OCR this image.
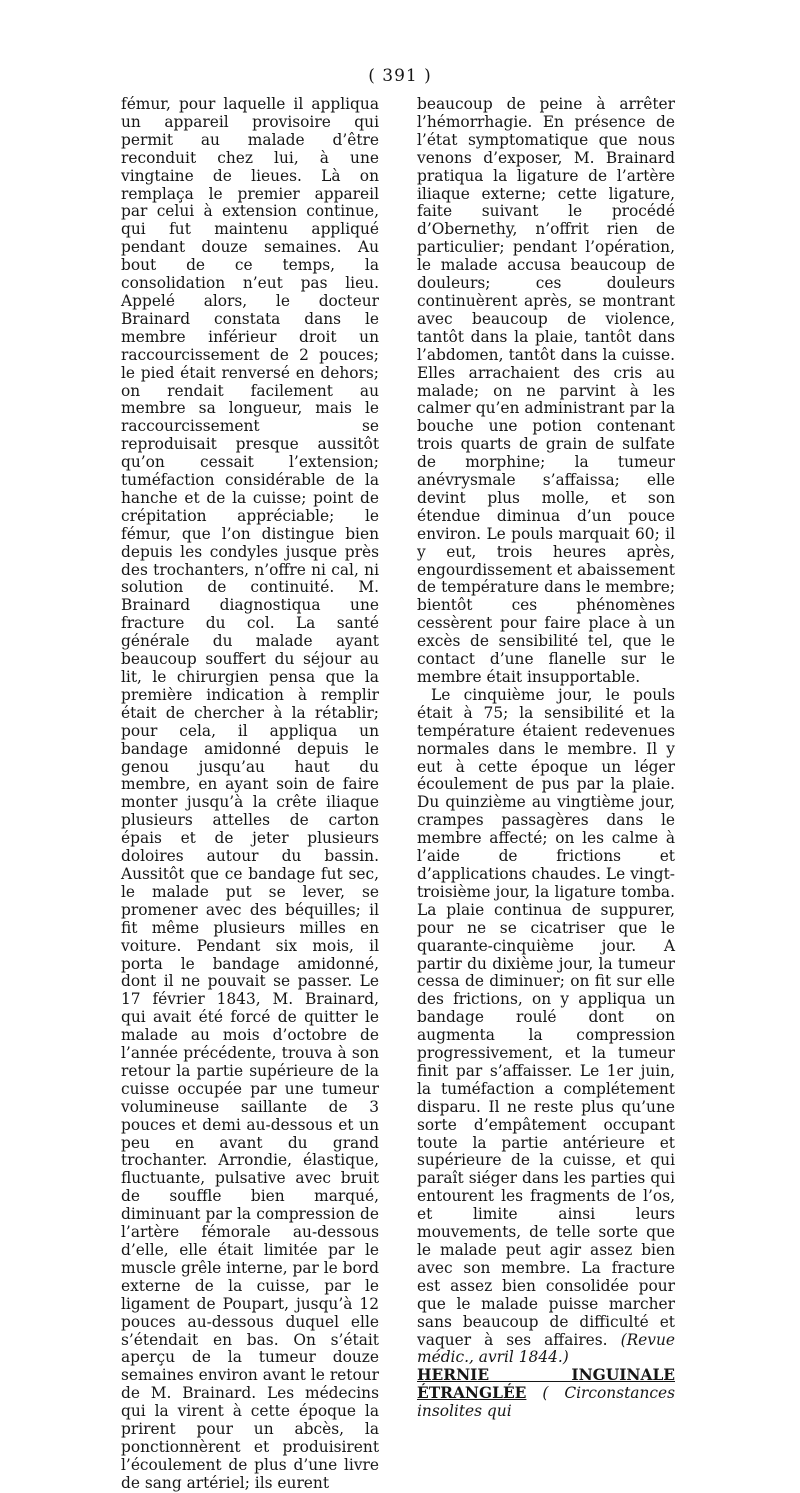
( 391 )

fémur, pour laquelle il appliqua un appareil provisoire qui permit au malade d’être reconduit chez lui, à une vingtaine de lieues. Là on remplaça le premier appareil par celui à extension continue, qui fut maintenu appliqué pendant douze semaines. Au bout de ce temps, la consolidation n’eut pas lieu. Appelé alors, le docteur Brainard constata dans le membre inférieur droit un raccourcissement de 2 pouces; le pied était renversé en dehors; on rendait facilement au membre sa longueur, mais le raccourcissement se reproduisait presque aussitôt qu’on cessait l’extension; tuméfaction considérable de la hanche et de la cuisse; point de crépitation appréciable; le fémur, que l’on distingue bien depuis les condyles jusque près des trochanters, n’offre ni cal, ni solution de continuité. M. Brainard diagnostiqua une fracture du col. La santé générale du malade ayant beaucoup souffert du séjour au lit, le chirurgien pensa que la première indication à remplir était de chercher à la rétablir; pour cela, il appliqua un bandage amidonné depuis le genou jusqu’au haut du membre, en ayant soin de faire monter jusqu’à la crête iliaque plusieurs attelles de carton épais et de jeter plusieurs doloires autour du bassin. Aussitôt que ce bandage fut sec, le malade put se lever, se promener avec des béquilles; il fit même plusieurs milles en voiture. Pendant six mois, il porta le bandage amidonné, dont il ne pouvait se passer. Le 17 février 1843, M. Brainard, qui avait été forcé de quitter le malade au mois d’octobre de l’année précédente, trouva à son retour la partie supérieure de la cuisse occupée par une tumeur volumineuse saillante de 3 pouces et demi au-dessous et un peu en avant du grand trochanter. Arrondie, élastique, fluctuante, pulsative avec bruit de souffle bien marqué, diminuant par la compression de l’artère fémorale au-dessous d’elle, elle était limitée par le muscle grêle interne, par le bord externe de la cuisse, par le ligament de Poupart, jusqu’à 12 pouces au-dessous duquel elle s’étendait en bas. On s’était aperçu de la tumeur douze semaines environ avant le retour de M. Brainard. Les médecins qui la virent à cette époque la prirent pour un abcès, la ponctionnèrent et produisirent l’écoulement de plus d’une livre de sang artériel; ils eurent

beaucoup de peine à arrêter l’hémorrhagie. En présence de l’état symptomatique que nous venons d’exposer, M. Brainard pratiqua la ligature de l’artère iliaque externe; cette ligature, faite suivant le procédé d’Obernethy, n’offrit rien de particulier; pendant l’opération, le malade accusa beaucoup de douleurs; ces douleurs continuèrent après, se montrant avec beaucoup de violence, tantôt dans la plaie, tantôt dans l’abdomen, tantôt dans la cuisse. Elles arrachaient des cris au malade; on ne parvint à les calmer qu’en administrant par la bouche une potion contenant trois quarts de grain de sulfate de morphine; la tumeur anévrysmale s’affaissa; elle devint plus molle, et son étendue diminua d’un pouce environ. Le pouls marquait 60; il y eut, trois heures après, engourdissement et abaissement de température dans le membre; bientôt ces phénomènes cessèrent pour faire place à un excès de sensibilité tel, que le contact d’une flanelle sur le membre était insupportable.

Le cinquième jour, le pouls était à 75; la sensibilité et la température étaient redevenues normales dans le membre. Il y eut à cette époque un léger écoulement de pus par la plaie. Du quinzième au vingtième jour, crampes passagères dans le membre affecté; on les calme à l’aide de frictions et d’applications chaudes. Le vingt-troisième jour, la ligature tomba. La plaie continua de suppurer, pour ne se cicatriser que le quarante-cinquième jour. A partir du dixième jour, la tumeur cessa de diminuer; on fit sur elle des frictions, on y appliqua un bandage roulé dont on augmenta la compression progressivement, et la tumeur finit par s’affaisser. Le 1er juin, la tuméfaction a complétement disparu. Il ne reste plus qu’une sorte d’empâtement occupant toute la partie antérieure et supérieure de la cuisse, et qui paraît siéger dans les parties qui entourent les fragments de l’os, et limite ainsi leurs mouvements, de telle sorte que le malade peut agir assez bien avec son membre. La fracture est assez bien consolidée pour que le malade puisse marcher sans beaucoup de difficulté et vaquer à ses affaires. (Revue médic., avril 1844.)

HERNIE INGUINALE ÉTRANGLÉE ( Circonstances insolites qui
